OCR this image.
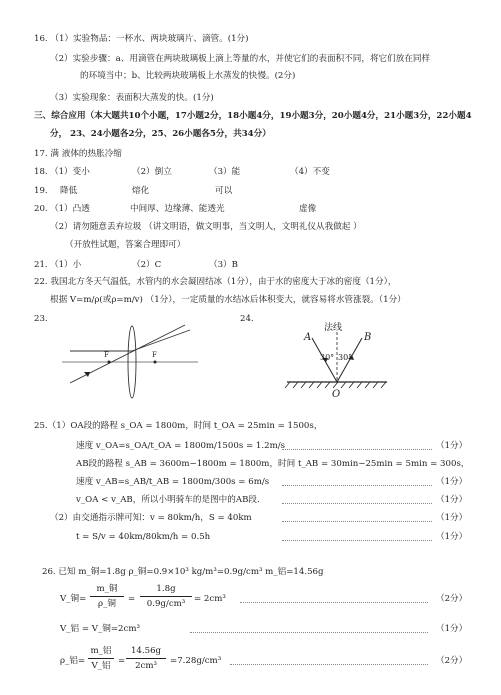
16. （1）实验物品：一杯水、两块玻璃片、滴管。(1分)
（2）实验步骤：a、用滴管在两块玻璃板上滴上等量的水，并使它们的表面积不同，将它们放在同样
的环境当中；b、比较两块玻璃板上水蒸发的快慢。(2分)
（3）实验现象：表面积大蒸发的快。(1分)
三、综合应用（本大题共10个小题，17小题2分，18小题4分，19小题3分，20小题4分，21小题3分，22小题4
分， 23、24小题各2分，25、26小题各5分，共34分）
17. 满 液体的热胀冷缩
18. （1）变小	（2）倒立	（3）能	（4）不变
19. 降低	熔化	可以
20. （1）凸透	中间厚、边缘薄、能透光	虚像
（2）请勿随意丢弃垃圾 （讲文明语，做文明事，当文明人，文明礼仪从我做起 ）
（开放性试题，答案合理即可）
21. （1）小	（2）C	（3）B
22. 我国北方冬天气温低，水管内的水会凝固结冰（1分），由于水的密度大于冰的密度（1分），
根据 V=m/ρ(或ρ=m/v) （1分），一定质量的水结冰后体积变大，就容易将水管涨裂。（1分）
23.
F	F
24.
法线
A	B
O
30° 30°
25.（1）OA段的路程 s_OA = 1800m，时间 t_OA = 25min = 1500s，
速度 v_OA=s_OA/t_OA = 1800m/1500s = 1.2m/s	（1分）
AB段的路程 s_AB = 3600m−1800m = 1800m，时间 t_AB = 30min−25min = 5min = 300s，
速度 v_AB=s_AB/t_AB = 1800m/300s = 6m/s	（1分）
v_OA < v_AB，所以小明骑车的是图中的AB段.	（1分）
（2）由交通指示牌可知：v = 80km/h，S = 40km	（1分）
t = S/v = 40km/80km/h = 0.5h	（1分）
26. 已知 m_铜=1.8g ρ_铜=0.9×10³ kg/m³=0.9g/cm³ m_铝=14.56g
V_铜=
m_铜
ρ_铜	=
1.8g
0.9g/cm³	= 2cm³	（2分）
V_铝 = V_铜=2cm³	（1分）
ρ_铝=
m_铝
V_铝 =
14.56g
2cm³	=7.28g/cm³	（2分）
